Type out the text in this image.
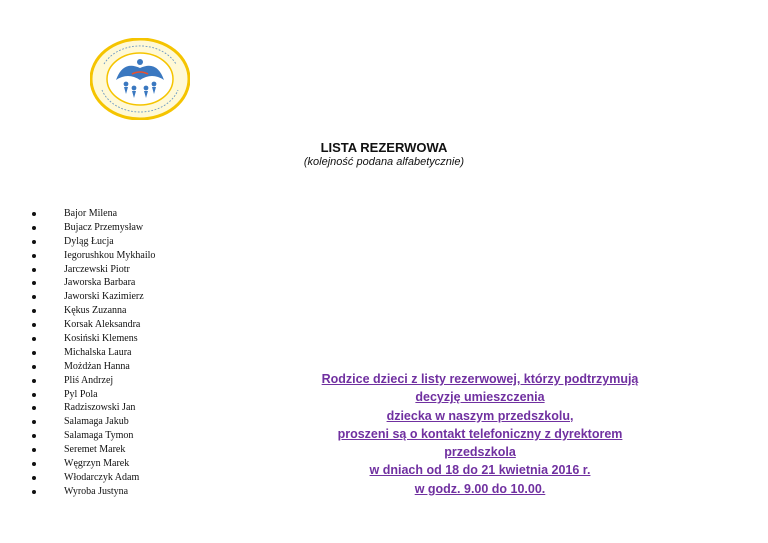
LISTA REZERWOWA
(kolejność podana alfabetycznie)
Bajor Milena
Bujacz Przemysław
Dyląg Łucja
Iegorushkou Mykhailo
Jarczewski Piotr
Jaworska Barbara
Jaworski Kazimierz
Kękus Zuzanna
Korsak Aleksandra
Kosiński Klemens
Michalska Laura
Możdżan Hanna
Pliś Andrzej
Pyl Pola
Radziszowski Jan
Salamaga Jakub
Salamaga Tymon
Seremet Marek
Węgrzyn Marek
Włodarczyk Adam
Wyroba Justyna
Rodzice dzieci z listy rezerwowej, którzy podtrzymują
decyzję umieszczenia
dziecka w naszym przedszkolu,
proszeni są o kontakt telefoniczny z dyrektorem
przedszkola
w dniach od 18 do 21 kwietnia 2016 r.
w godz. 9.00 do 10.00.
